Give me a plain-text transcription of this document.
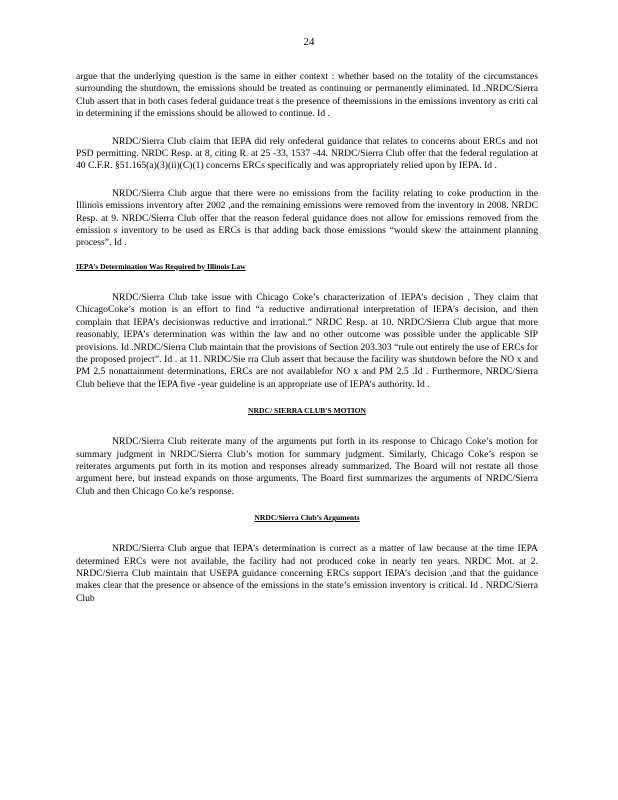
24

argue that the underlying question is the same in either context : whether based on the totality of the circumstances surrounding the shutdown, the emissions should be treated as continuing or permanently eliminated. Id .NRDC/Sierra Club assert that in both cases federal guidance treat s the presence of theemissions in the emissions inventory as criti cal in determining if the emissions should be allowed to continue. Id .

NRDC/Sierra Club claim that IEPA did rely onfederal guidance that relates to concerns about ERCs and not PSD permitting. NRDC Resp. at 8, citing R. at 25 -33, 1537 -44. NRDC/Sierra Club offer that the federal regulation at 40 C.F.R. §51.165(a)(3)(ii)(C)(1) concerns ERCs specifically and was appropriately relied upon by IEPA. Id .

NRDC/Sierra Club argue that there were no emissions from the facility relating to coke production in the Illinois emissions inventory after 2002 ,and the remaining emissions were removed from the inventory in 2008. NRDC Resp. at 9. NRDC/Sierra Club offer that the reason federal guidance does not allow for emissions removed from the emission s inventory to be used as ERCs is that adding back those emissions “would skew the attainment planning process”. Id .

IEPA’s Determination Was Required by Illinois Law

NRDC/Sierra Club take issue with Chicago Coke’s characterization of IEPA’s decision , They claim that ChicagoCoke’s motion is an effort to find “a reductive andirrational interpretation of IEPA’s decision, and then complain that IEPA’s decisionwas reductive and irrational.” NRDC Resp. at 10. NRDC/Sierra Club argue that more reasonably, IEPA’s determination was within the law and no other outcome was possible under the applicable SIP provisions. Id .NRDC/Sierra Club maintain that the provisions of Section 203.303 “rule out entirely the use of ERCs for the proposed project”. Id . at 11. NRDC/Sie rra Club assert that because the facility was shutdown before the NO x and PM 2.5 nonattainment determinations, ERCs are not availablefor NO x and PM 2.5 .Id . Furthermore, NRDC/Sierra Club believe that the IEPA five -year guideline is an appropriate use of IEPA’s authority. Id .

NRDC/ SIERRA CLUB'S MOTION

NRDC/Sierra Club reiterate many of the arguments put forth in its response to Chicago Coke’s motion for summary judgment in NRDC/Sierra Club’s motion for summary judgment. Similarly, Chicago Coke’s respon se reiterates arguments put forth in its motion and responses already summarized. The Board will not restate all those argument here, but instead expands on those arguments. The Board first summarizes the arguments of NRDC/Sierra Club and then Chicago Co ke’s response.

NRDC/Sierra Club’s Arguments

NRDC/Sierra Club argue that IEPA’s determination is correct as a matter of law because at the time IEPA determined ERCs were not available, the facility had not produced coke in nearly ten years. NRDC Mot. at 2. NRDC/Sierra Club maintain that USEPA guidance concerning ERCs support IEPA’s decision ,and that the guidance makes clear that the presence or absence of the emissions in the state’s emission inventory is critical. Id . NRDC/Sierra Club
